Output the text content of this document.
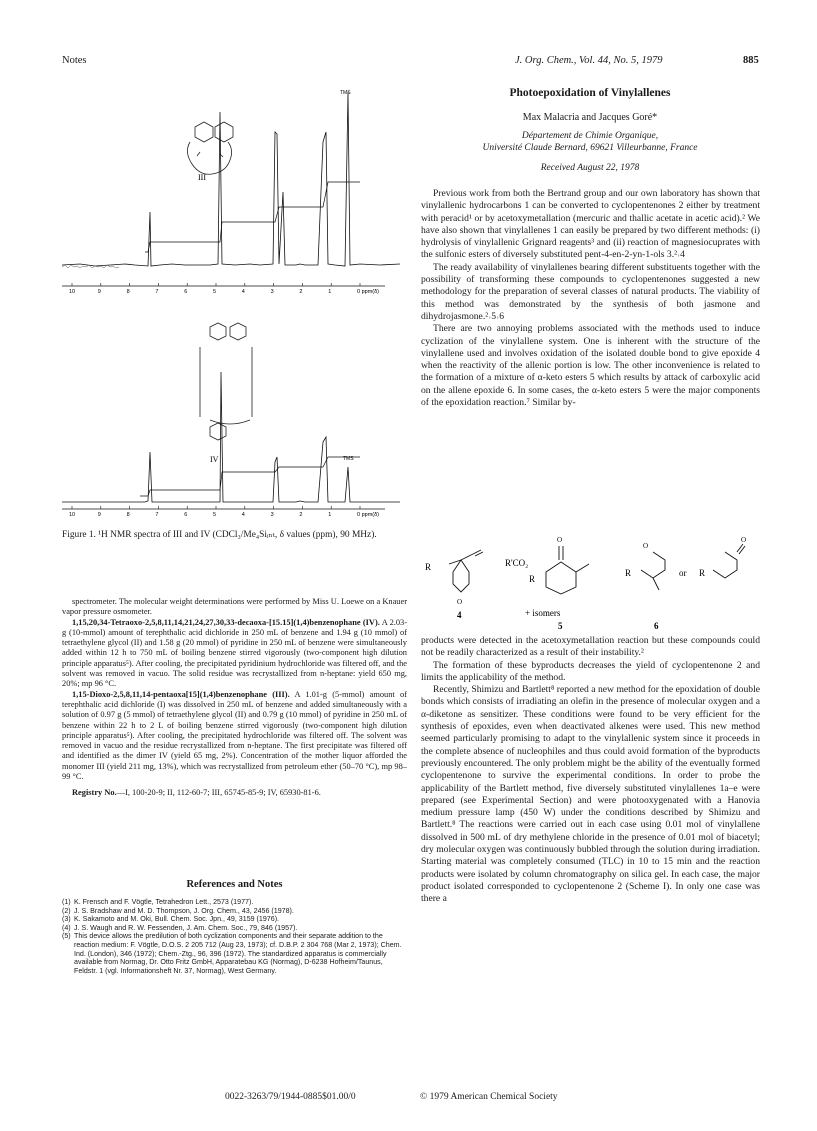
Notes	J. Org. Chem., Vol. 44, No. 5, 1979	885
III
TMS
10	9	8	7	6	5	4	3	2	1	0 ppm(δ)
IV	TMS
10	9	8	7	6	5	4	3	2	1	0 ppm(δ)
Figure 1. ¹H NMR spectra of III and IV (CDCl₃/Me₄Siᵢₙₜ, δ values (ppm), 90 MHz).

spectrometer. The molecular weight determinations were performed by Miss U. Loewe on a Knauer vapor pressure osmometer.

1,15,20,34-Tetraoxo-2,5,8,11,14,21,24,27,30,33-decaoxa-[15.15](1,4)benzenophane (IV). A 2.03-g (10-mmol) amount of terephthalic acid dichloride in 250 mL of benzene and 1.94 g (10 mmol) of tetraethylene glycol (II) and 1.58 g (20 mmol) of pyridine in 250 mL of benzene were simultaneously added within 12 h to 750 mL of boiling benzene stirred vigorously (two-component high dilution principle apparatus⁵). After cooling, the precipitated pyridinium hydrochloride was filtered off, and the solvent was removed in vacuo. The solid residue was recrystallized from n-heptane: yield 650 mg, 20%; mp 96 °C.

1,15-Dioxo-2,5,8,11,14-pentaoxa[15](1,4)benzenophane (III). A 1.01-g (5-mmol) amount of terephthalic acid dichloride (I) was dissolved in 250 mL of benzene and added simultaneously with a solution of 0.97 g (5 mmol) of tetraethylene glycol (II) and 0.79 g (10 mmol) of pyridine in 250 mL of benzene within 22 h to 2 L of boiling benzene stirred vigorously (two-component high dilution principle apparatus⁵). After cooling, the precipitated hydrochloride was filtered off. The solvent was removed in vacuo and the residue recrystallized from n-heptane. The first precipitate was filtered off and identified as the dimer IV (yield 65 mg, 2%). Concentration of the mother liquor afforded the monomer III (yield 211 mg, 13%), which was recrystallized from petroleum ether (50–70 °C), mp 98–99 °C.

Registry No.—I, 100-20-9; II, 112-60-7; III, 65745-85-9; IV, 65930-81-6.

References and Notes
(1) K. Frensch and F. Vögtle, Tetrahedron Lett., 2573 (1977).
(2) J. S. Bradshaw and M. D. Thompson, J. Org. Chem., 43, 2456 (1978).
(3) K. Sakamoto and M. Oki, Bull. Chem. Soc. Jpn., 49, 3159 (1976).
(4) J. S. Waugh and R. W. Fessenden, J. Am. Chem. Soc., 79, 846 (1957).
(5) This device allows the predilution of both cyclization components and their separate addition to the reaction medium: F. Vögtle, D.O.S. 2 205 712 (Aug 23, 1973); cf. D.B.P. 2 304 768 (Mar 2, 1973); Chem. Ind. (London), 346 (1972); Chem.-Ztg., 96, 396 (1972). The standardized apparatus is commercially available from Normag, Dr. Otto Fritz GmbH, Apparatebau KG (Normag), D-6238 Hofheim/Taunus, Feldstr. 1 (vgl. Informationsheft Nr. 37, Normag), West Germany.
Photoepoxidation of Vinylallenes
Max Malacria and Jacques Goré*
Département de Chimie Organique,
Université Claude Bernard, 69621 Villeurbanne, France
Received August 22, 1978

Previous work from both the Bertrand group and our own laboratory has shown that vinylallenic hydrocarbons 1 can be converted to cyclopentenones 2 either by treatment with peracid¹ or by acetoxymetallation (mercuric and thallic acetate in acetic acid).² We have also shown that vinylallenes 1 can easily be prepared by two different methods: (i) hydrolysis of vinylallenic Grignard reagents³ and (ii) reaction of magnesiocuprates with the sulfonic esters of diversely substituted pent-4-en-2-yn-1-ols 3.²˒4

The ready availability of vinylallenes bearing different substituents together with the possibility of transforming these compounds to cyclopentenones suggested a new methodology for the preparation of several classes of natural products. The viability of this method was demonstrated by the synthesis of both jasmone and dihydrojasmone.²˒5˒6

There are two annoying problems associated with the methods used to induce cyclization of the vinylallene system. One is inherent with the structure of the vinylallene used and involves oxidation of the isolated double bond to give epoxide 4 when the reactivity of the allenic portion is low. The other inconvenience is related to the formation of a mixture of α-keto esters 5 which results by attack of carboxylic acid on the allene epoxide 6. In some cases, the α-keto esters 5 were the major components of the epoxidation reaction.⁷ Similar by-

R
O
R'CO₂
O
R
R
O
or R
O
4	+ isomers
5	6

products were detected in the acetoxymetallation reaction but these compounds could not be readily characterized as a result of their instability.²

The formation of these byproducts decreases the yield of cyclopentenone 2 and limits the applicability of the method.

Recently, Shimizu and Bartlett⁸ reported a new method for the epoxidation of double bonds which consists of irradiating an olefin in the presence of molecular oxygen and a α-diketone as sensitizer. These conditions were found to be very efficient for the synthesis of epoxides, even when deactivated alkenes were used. This new method seemed particularly promising to adapt to the vinylallenic system since it proceeds in the complete absence of nucleophiles and thus could avoid formation of the byproducts previously encountered. The only problem might be the ability of the eventually formed cyclopentenone to survive the experimental conditions. In order to probe the applicability of the Bartlett method, five diversely substituted vinylallenes 1a–e were prepared (see Experimental Section) and were photooxygenated with a Hanovia medium pressure lamp (450 W) under the conditions described by Shimizu and Bartlett.⁸ The reactions were carried out in each case using 0.01 mol of vinylallene dissolved in 500 mL of dry methylene chloride in the presence of 0.01 mol of biacetyl; dry molecular oxygen was continuously bubbled through the solution during irradiation. Starting material was completely consumed (TLC) in 10 to 15 min and the reaction products were isolated by column chromatography on silica gel. In each case, the major product isolated corresponded to cyclopentenone 2 (Scheme I). In only one case was there a

0022-3263/79/1944-0885$01.00/0	© 1979 American Chemical Society
